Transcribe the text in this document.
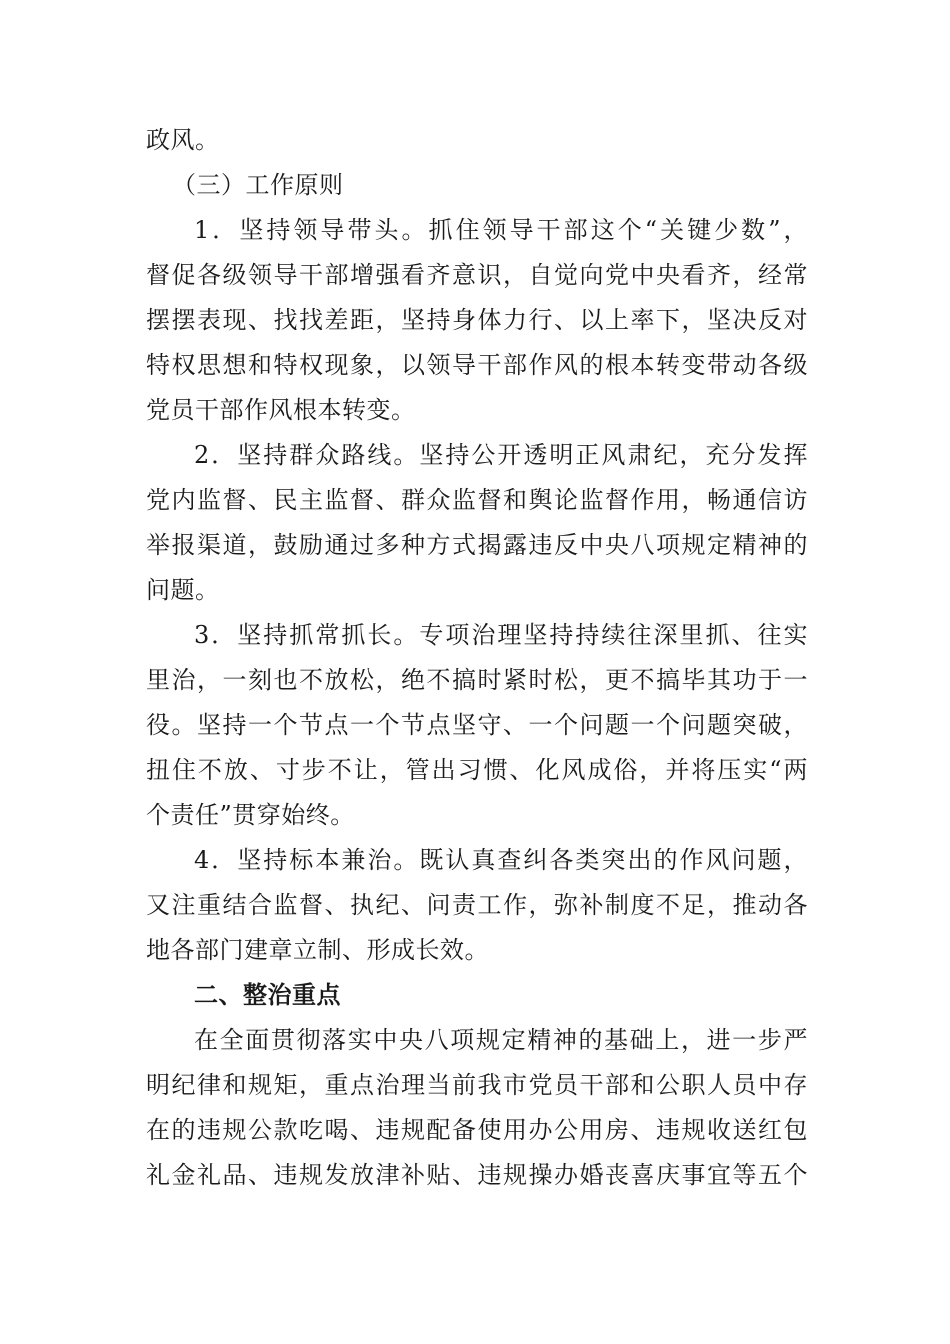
政风。
（三）工作原则
1．坚持领导带头。抓住领导干部这个“关键少数”，
督促各级领导干部增强看齐意识，自觉向党中央看齐，经常
摆摆表现、找找差距，坚持身体力行、以上率下，坚决反对
特权思想和特权现象，以领导干部作风的根本转变带动各级
党员干部作风根本转变。
2．坚持群众路线。坚持公开透明正风肃纪，充分发挥
党内监督、民主监督、群众监督和舆论监督作用，畅通信访
举报渠道，鼓励通过多种方式揭露违反中央八项规定精神的
问题。
3．坚持抓常抓长。专项治理坚持持续往深里抓、往实
里治，一刻也不放松，绝不搞时紧时松，更不搞毕其功于一
役。坚持一个节点一个节点坚守、一个问题一个问题突破，
扭住不放、寸步不让，管出习惯、化风成俗，并将压实“两
个责任”贯穿始终。
4．坚持标本兼治。既认真查纠各类突出的作风问题，
又注重结合监督、执纪、问责工作，弥补制度不足，推动各
地各部门建章立制、形成长效。
二、整治重点
在全面贯彻落实中央八项规定精神的基础上，进一步严
明纪律和规矩，重点治理当前我市党员干部和公职人员中存
在的违规公款吃喝、违规配备使用办公用房、违规收送红包
礼金礼品、违规发放津补贴、违规操办婚丧喜庆事宜等五个
